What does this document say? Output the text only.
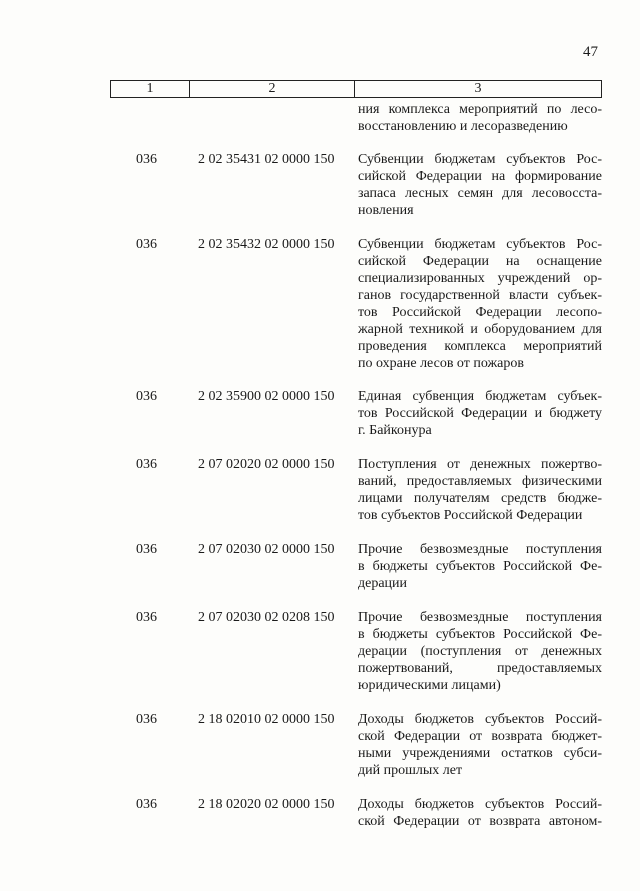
47
1	2	3
ния комплекса мероприятий по лесо-
восстановлению и лесоразведению
036	2 02 35431 02 0000 150 Субвенции бюджетам субъектов Рос-
сийской Федерации на формирование
запаса лесных семян для лесовосста-
новления
036	2 02 35432 02 0000 150 Субвенции бюджетам субъектов Рос-
сийской Федерации на оснащение
специализированных учреждений ор-
ганов государственной власти субъек-
тов Российской Федерации лесопо-
жарной техникой и оборудованием для
проведения комплекса мероприятий
по охране лесов от пожаров
036	2 02 35900 02 0000 150 Единая субвенция бюджетам субъек-
тов Российской Федерации и бюджету
г. Байконура
036	2 07 02020 02 0000 150 Поступления от денежных пожертво-
ваний, предоставляемых физическими
лицами получателям средств бюдже-
тов субъектов Российской Федерации
036	2 07 02030 02 0000 150 Прочие безвозмездные поступления
в бюджеты субъектов Российской Фе-
дерации
036	2 07 02030 02 0208 150 Прочие безвозмездные поступления
в бюджеты субъектов Российской Фе-
дерации (поступления от денежных
пожертвований, предоставляемых
юридическими лицами)
036	2 18 02010 02 0000 150 Доходы бюджетов субъектов Россий-
ской Федерации от возврата бюджет-
ными учреждениями остатков субси-
дий прошлых лет
036	2 18 02020 02 0000 150 Доходы бюджетов субъектов Россий-
ской Федерации от возврата автоном-
